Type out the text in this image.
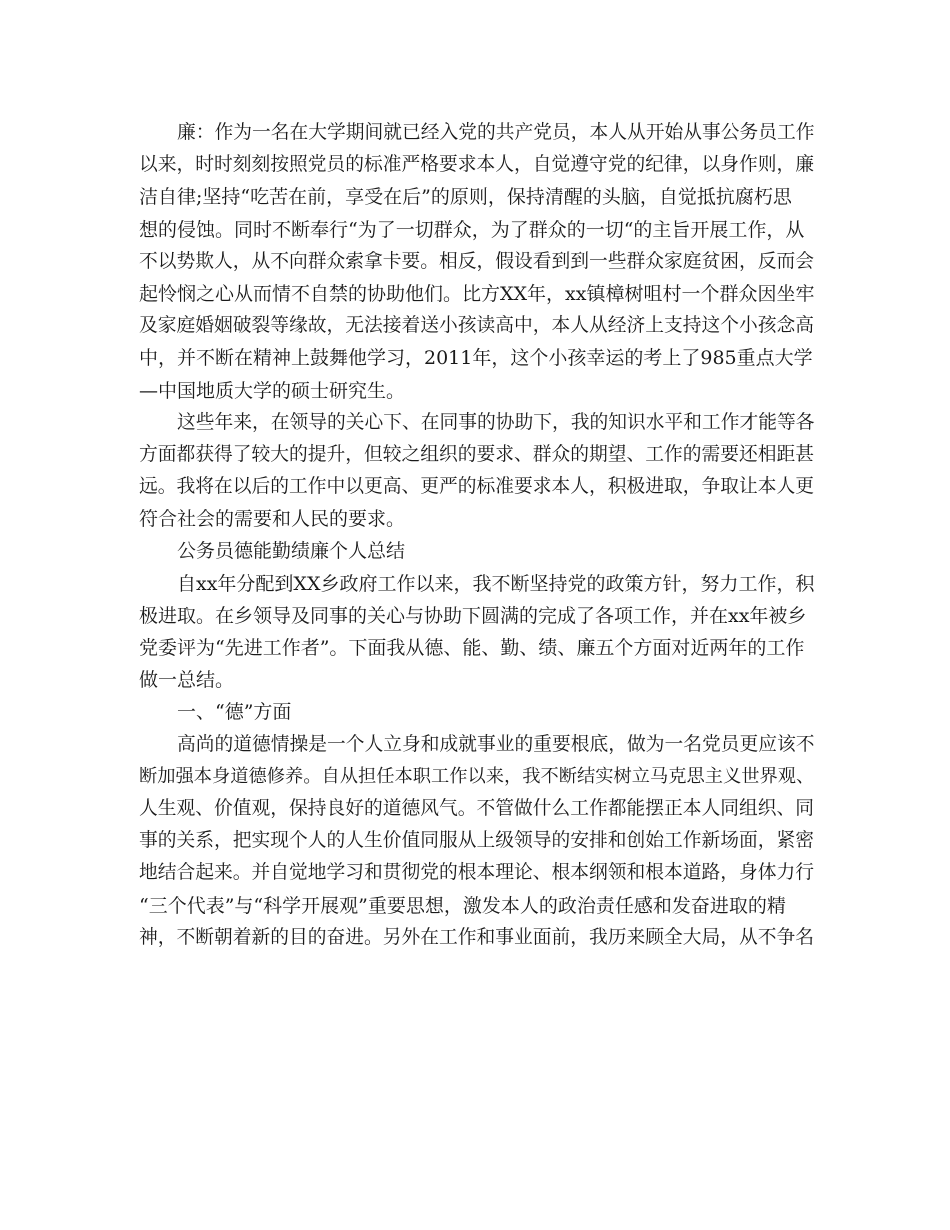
廉：作为一名在大学期间就已经入党的共产党员，本人从开始从事公务员工作
以来，时时刻刻按照党员的标准严格要求本人，自觉遵守党的纪律，以身作则，廉
洁自律;坚持“吃苦在前，享受在后”的原则，保持清醒的头脑，自觉抵抗腐朽思
想的侵蚀。同时不断奉行“为了一切群众，为了群众的一切“的主旨开展工作，从
不以势欺人，从不向群众索拿卡要。相反，假设看到到一些群众家庭贫困，反而会
起怜悯之心从而情不自禁的协助他们。比方XX年，xx镇樟树咀村一个群众因坐牢
及家庭婚姻破裂等缘故，无法接着送小孩读高中，本人从经济上支持这个小孩念高
中，并不断在精神上鼓舞他学习，2011年，这个小孩幸运的考上了985重点大学
—中国地质大学的硕士研究生。
这些年来，在领导的关心下、在同事的协助下，我的知识水平和工作才能等各
方面都获得了较大的提升，但较之组织的要求、群众的期望、工作的需要还相距甚
远。我将在以后的工作中以更高、更严的标准要求本人，积极进取，争取让本人更
符合社会的需要和人民的要求。
公务员德能勤绩廉个人总结
自xx年分配到XX乡政府工作以来，我不断坚持党的政策方针，努力工作，积
极进取。在乡领导及同事的关心与协助下圆满的完成了各项工作，并在xx年被乡
党委评为“先进工作者”。下面我从德、能、勤、绩、廉五个方面对近两年的工作
做一总结。
一、“德”方面
高尚的道德情操是一个人立身和成就事业的重要根底，做为一名党员更应该不
断加强本身道德修养。自从担任本职工作以来，我不断结实树立马克思主义世界观、
人生观、价值观，保持良好的道德风气。不管做什么工作都能摆正本人同组织、同
事的关系，把实现个人的人生价值同服从上级领导的安排和创始工作新场面，紧密
地结合起来。并自觉地学习和贯彻党的根本理论、根本纲领和根本道路，身体力行
“三个代表”与“科学开展观”重要思想，激发本人的政治责任感和发奋进取的精
神，不断朝着新的目的奋进。另外在工作和事业面前，我历来顾全大局，从不争名
